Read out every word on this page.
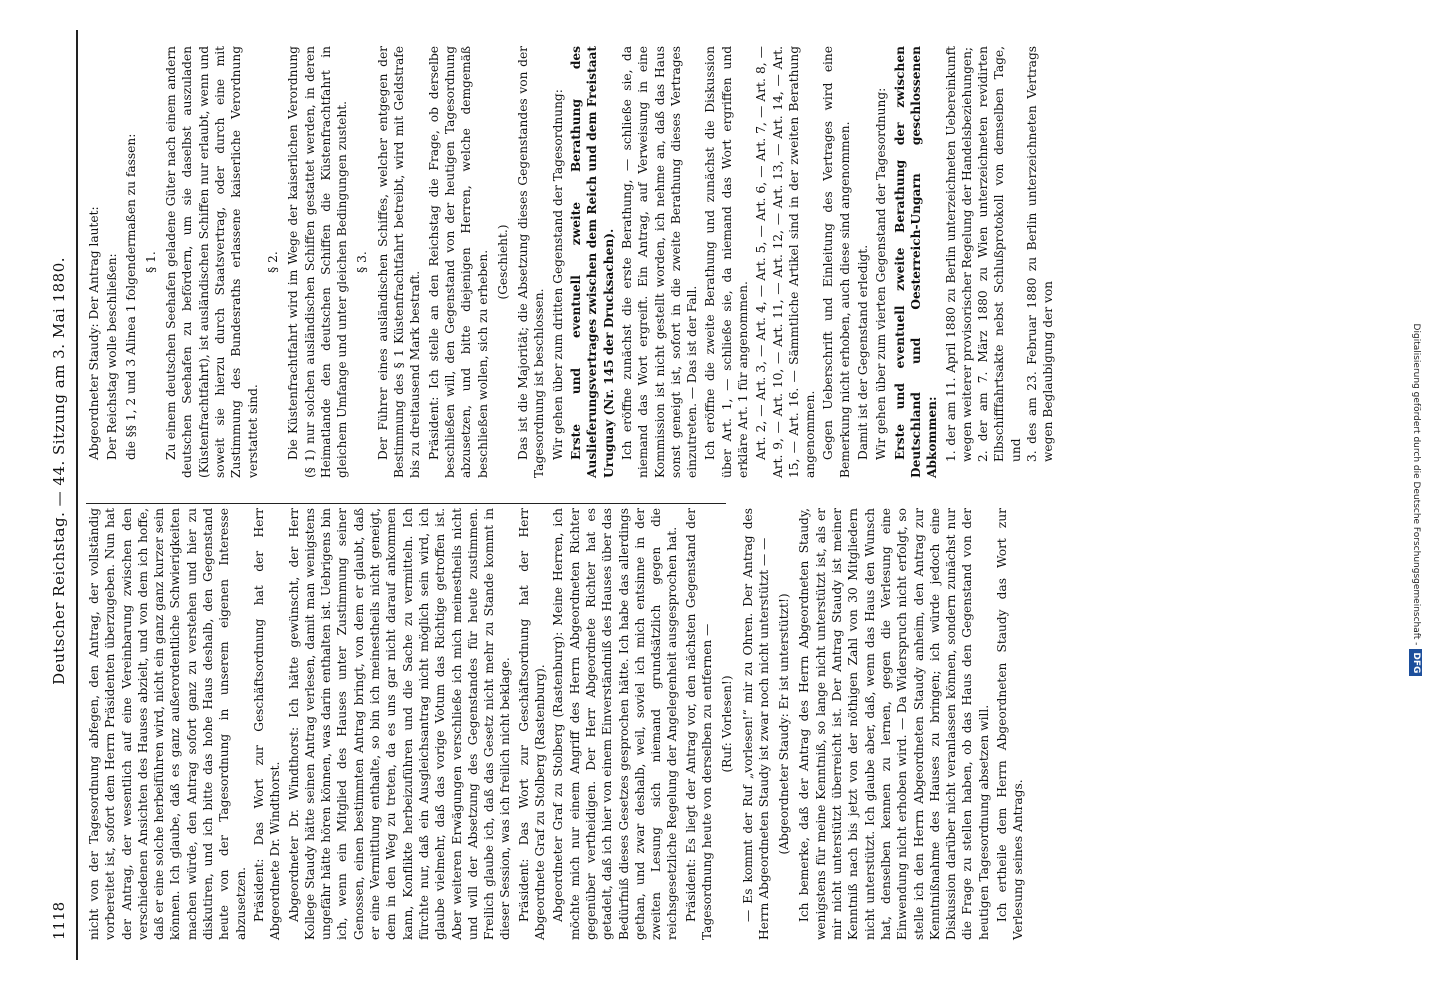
1118
Deutscher Reichstag. — 44. Sitzung am 3. Mai 1880.

nicht von der Tagesordnung abfegen, den Antrag, der vollständig vorbereitet ist, sofort dem Herrn Präsidenten überzugeben. Nun hat der Antrag, der wesentlich auf eine Vereinbarung zwischen den verschiedenen Ansichten des Hauses abzielt, und von dem ich hoffe, daß er eine solche herbeiführen wird, nicht ein ganz ganz kurzer sein können. Ich glaube, daß es ganz außerordentliche Schwierigkeiten machen würde, den Antrag sofort ganz zu verstehen und hier zu diskutiren, und ich bitte das hohe Haus deshalb, den Gegenstand heute von der Tagesordnung in unserem eigenen Interesse abzusetzen. Präsident: Das Wort zur Geschäftsordnung hat der Herr Abgeordnete Dr. Windthorst. Abgeordneter Dr. Windthorst: Ich hätte gewünscht, der Herr Kollege Staudy hätte seinen Antrag verlesen, damit man wenigstens ungefähr hätte hören können, was darin enthalten ist. Uebrigens bin ich, wenn ein Mitglied des Hauses unter Zustimmung seiner Genossen, einen bestimmten Antrag bringt, von dem er glaubt, daß er eine Vermittlung enthalte, so bin ich meinestheils nicht geneigt, dem in den Weg zu treten, da es uns gar nicht darauf ankommen kann, Konflikte herbeizuführen und die Sache zu vermitteln. Ich fürchte nur, daß ein Ausgleichsantrag nicht möglich sein wird, ich glaube vielmehr, daß das vorige Votum das Richtige getroffen ist. Aber weiteren Erwägungen verschließe ich mich meinestheils nicht und will der Absetzung des Gegenstandes für heute zustimmen. Freilich glaube ich, daß das Gesetz nicht mehr zu Stande kommt in dieser Session, was ich freilich nicht beklage. Präsident: Das Wort zur Geschäftsordnung hat der Herr Abgeordnete Graf zu Stolberg (Rastenburg). Abgeordneter Graf zu Stolberg (Rastenburg): Meine Herren, ich möchte mich nur einem Angriff des Herrn Abgeordneten Richter gegenüber vertheidigen. Der Herr Abgeordnete Richter hat es getadelt, daß ich hier von einem Einverständniß des Hauses über das Bedürfniß dieses Gesetzes gesprochen hätte. Ich habe das allerdings gethan, und zwar deshalb, weil, soviel ich mich entsinne in der zweiten Lesung sich niemand grundsätzlich gegen die reichsgesetzliche Regelung der Angelegenheit ausgesprochen hat. Präsident: Es liegt der Antrag vor, den nächsten Gegenstand der Tagesordnung heute von derselben zu entfernen — (Ruf: Vorlesen!) — Es kommt der Ruf „vorlesen!“ mir zu Ohren. Der Antrag des Herrn Abgeordneten Staudy ist zwar noch nicht unterstützt — — (Abgeordneter Staudy: Er ist unterstützt!) Ich bemerke, daß der Antrag des Herrn Abgeordneten Staudy, wenigstens für meine Kenntniß, so lange nicht unterstützt ist, als er mir nicht unterstützt überreicht ist. Der Antrag Staudy ist meiner Kenntniß nach bis jetzt von der nöthigen Zahl von 30 Mitgliedern nicht unterstützt. Ich glaube aber, daß, wenn das Haus den Wunsch hat, denselben kennen zu lernen, gegen die Verlesung eine Einwendung nicht erhoben wird. — Da Widerspruch nicht erfolgt, so stelle ich den Herrn Abgeordneten Staudy anheim, den Antrag zur Kenntnißnahme des Hauses zu bringen; ich würde jedoch eine Diskussion darüber nicht veranlassen können, sondern zunächst nur die Frage zu stellen haben, ob das Haus den Gegenstand von der heutigen Tagesordnung absetzen will. Ich ertheile dem Herrn Abgeordneten Staudy das Wort zur Verlesung seines Antrags.

Abgeordneter Staudy: Der Antrag lautet: Der Reichstag wolle beschließen: die §§ 1, 2 und 3 Alinea 1 folgendermaßen zu fassen: § 1. Zu einem deutschen Seehafen geladene Güter nach einem andern deutschen Seehafen zu befördern, um sie daselbst auszuladen (Küstenfrachtfahrt), ist ausländischen Schiffen nur erlaubt, wenn und soweit sie hierzu durch Staatsvertrag, oder durch eine mit Zustimmung des Bundesraths erlassene kaiserliche Verordnung verstattet sind.

§ 2. Die Küstenfrachtfahrt wird im Wege der kaiserlichen Verordnung (§ 1) nur solchen ausländischen Schiffen gestattet werden, in deren Heimatlande den deutschen Schiffen die Küstenfrachtfahrt in gleichem Umfange und unter gleichen Bedingungen zusteht. § 3. Der Führer eines ausländischen Schiffes, welcher entgegen der Bestimmung des § 1 Küstenfrachtfahrt betreibt, wird mit Geldstrafe bis zu dreitausend Mark bestraft. Präsident: Ich stelle an den Reichstag die Frage, ob derselbe beschließen will, den Gegenstand von der heutigen Tagesordnung abzusetzen, und bitte diejenigen Herren, welche demgemäß beschließen wollen, sich zu erheben. (Geschieht.) Das ist die Majorität; die Absetzung dieses Gegenstandes von der Tagesordnung ist beschlossen. Wir gehen über zum dritten Gegenstand der Tagesordnung: Erste und eventuell zweite Berathung des Auslieferungsvertrages zwischen dem Reich und dem Freistaat Uruguay (Nr. 145 der Drucksachen). Ich eröffne zunächst die erste Berathung, — schließe sie, da niemand das Wort ergreift. Ein Antrag, auf Verweisung in eine Kommission ist nicht gestellt worden, ich nehme an, daß das Haus sonst geneigt ist, sofort in die zweite Berathung dieses Vertrages einzutreten. — Das ist der Fall. Ich eröffne die zweite Berathung und zunächst die Diskussion über Art. 1, — schließe sie, da niemand das Wort ergriffen und erkläre Art. 1 für angenommen. Art. 2, — Art. 3, — Art. 4, — Art. 5, — Art. 6, — Art. 7, — Art. 8, — Art. 9, — Art. 10, — Art. 11, — Art. 12, — Art. 13, — Art. 14, — Art. 15, — Art. 16. — Sämmtliche Artikel sind in der zweiten Berathung angenommen. Gegen Ueberschrift und Einleitung des Vertrages wird eine Bemerkung nicht erhoben, auch diese sind angenommen. Damit ist der Gegenstand erledigt. Wir gehen über zum vierten Gegenstand der Tagesordnung: Erste und eventuell zweite Berathung der zwischen Deutschland und Oesterreich-Ungarn geschlossenen Abkommen: 1. der am 11. April 1880 zu Berlin unterzeichneten Uebereinkunft wegen weiterer provisorischer Regelung der Handelsbeziehungen; 2. der am 7. März 1880 zu Wien unterzeichneten revidirten Elbschifffahrtsakte nebst Schlußprotokoll von demselben Tage, und 3. des am 23. Februar 1880 zu Berlin unterzeichneten Vertrags wegen Beglaubigung der von	Digitalisierung gefördert durch die Deutsche Forschungsgemeinschaft -DFG
